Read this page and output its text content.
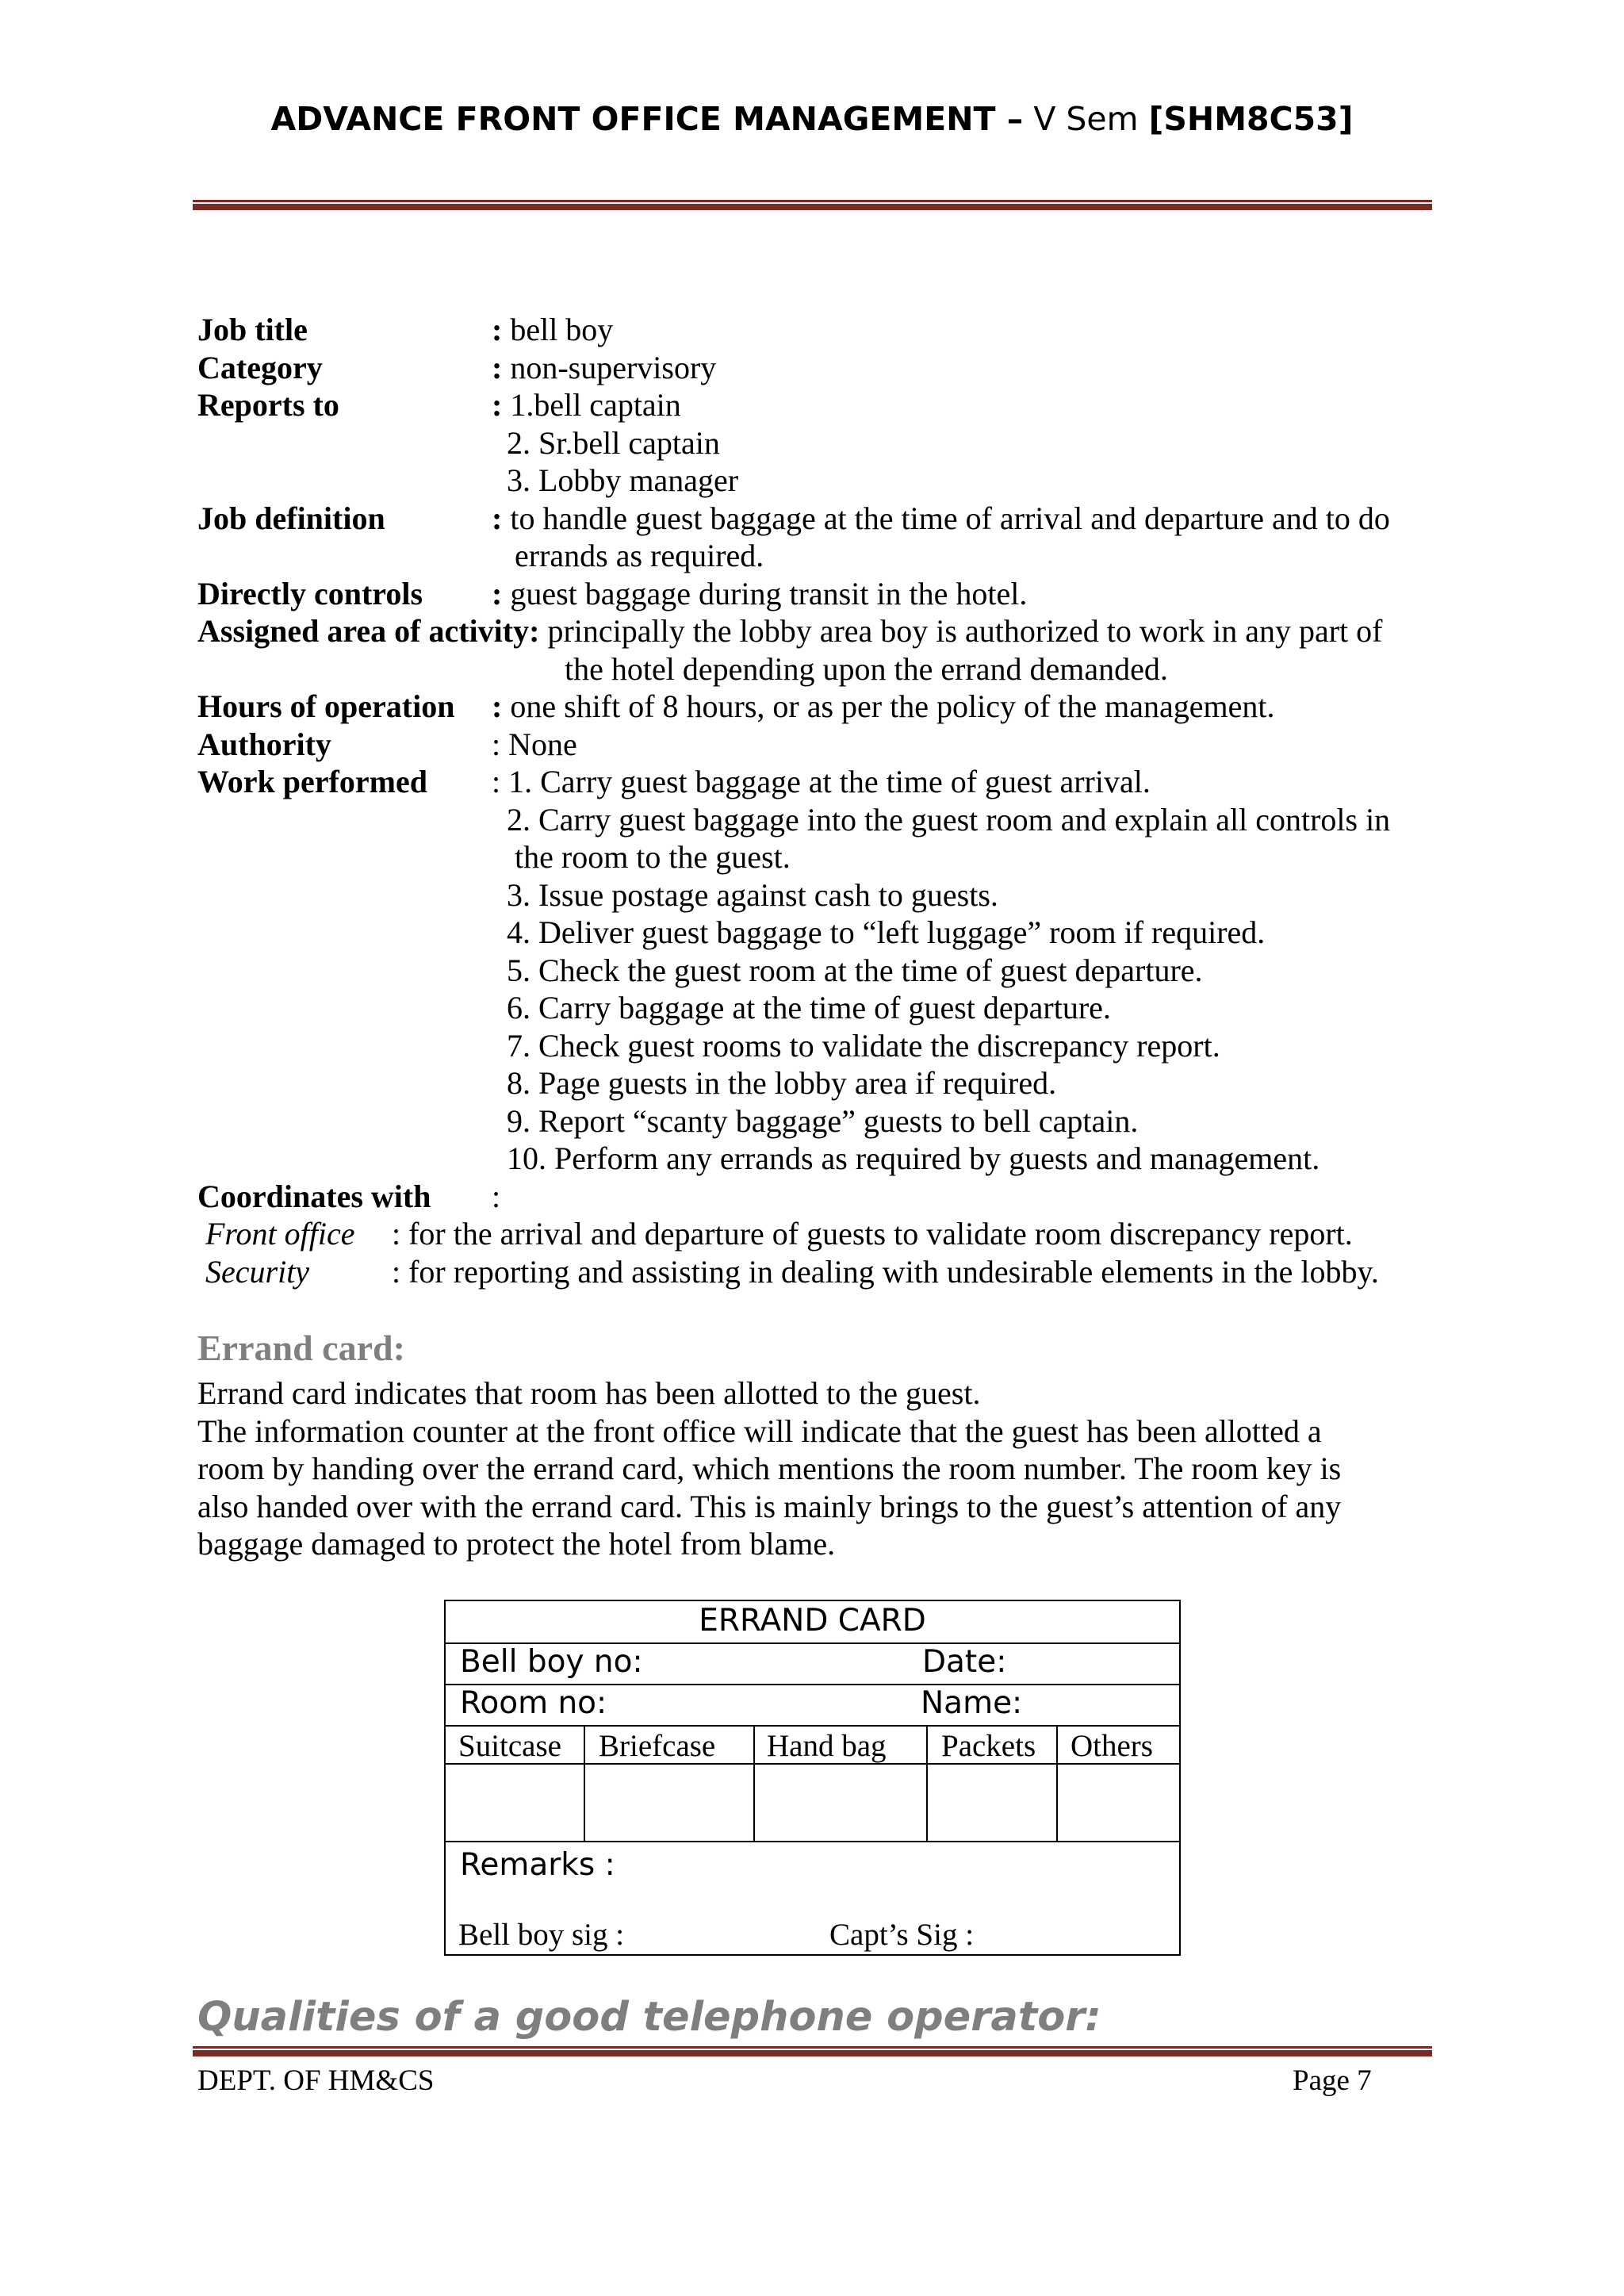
ADVANCE FRONT OFFICE MANAGEMENT – V Sem [SHM8C53]
Job title	: bell boy
Category	: non-supervisory
Reports to	: 1.bell captain
2. Sr.bell captain
3. Lobby manager
Job definition	: to handle guest baggage at the time of arrival and departure and to do
errands as required.
Directly controls : guest baggage during transit in the hotel.
Assigned area of activity: principally the lobby area boy is authorized to work in any part of
the hotel depending upon the errand demanded.
Hours of operation : one shift of 8 hours, or as per the policy of the management.
Authority	: None
Work performed : 1. Carry guest baggage at the time of guest arrival.
2. Carry guest baggage into the guest room and explain all controls in
the room to the guest.
3. Issue postage against cash to guests.
4. Deliver guest baggage to “left luggage” room if required.
5. Check the guest room at the time of guest departure.
6. Carry baggage at the time of guest departure.
7. Check guest rooms to validate the discrepancy report.
8. Page guests in the lobby area if required.
9. Report “scanty baggage” guests to bell captain.
10. Perform any errands as required by guests and management.
Coordinates with :
Front office : for the arrival and departure of guests to validate room discrepancy report.
Security	: for reporting and assisting in dealing with undesirable elements in the lobby.
Errand card:
Errand card indicates that room has been allotted to the guest.
The information counter at the front office will indicate that the guest has been allotted a
room by handing over the errand card, which mentions the room number. The room key is
also handed over with the errand card. This is mainly brings to the guest’s attention of any
baggage damaged to protect the hotel from blame.
ERRAND CARD
Bell boy no:	Date:
Room no:	Name:
Suitcase Briefcase Hand bag Packets Others
Remarks :
Bell boy sig :	Capt’s Sig :
Qualities of a good telephone operator:
DEPT. OF HM&CS	Page 7
